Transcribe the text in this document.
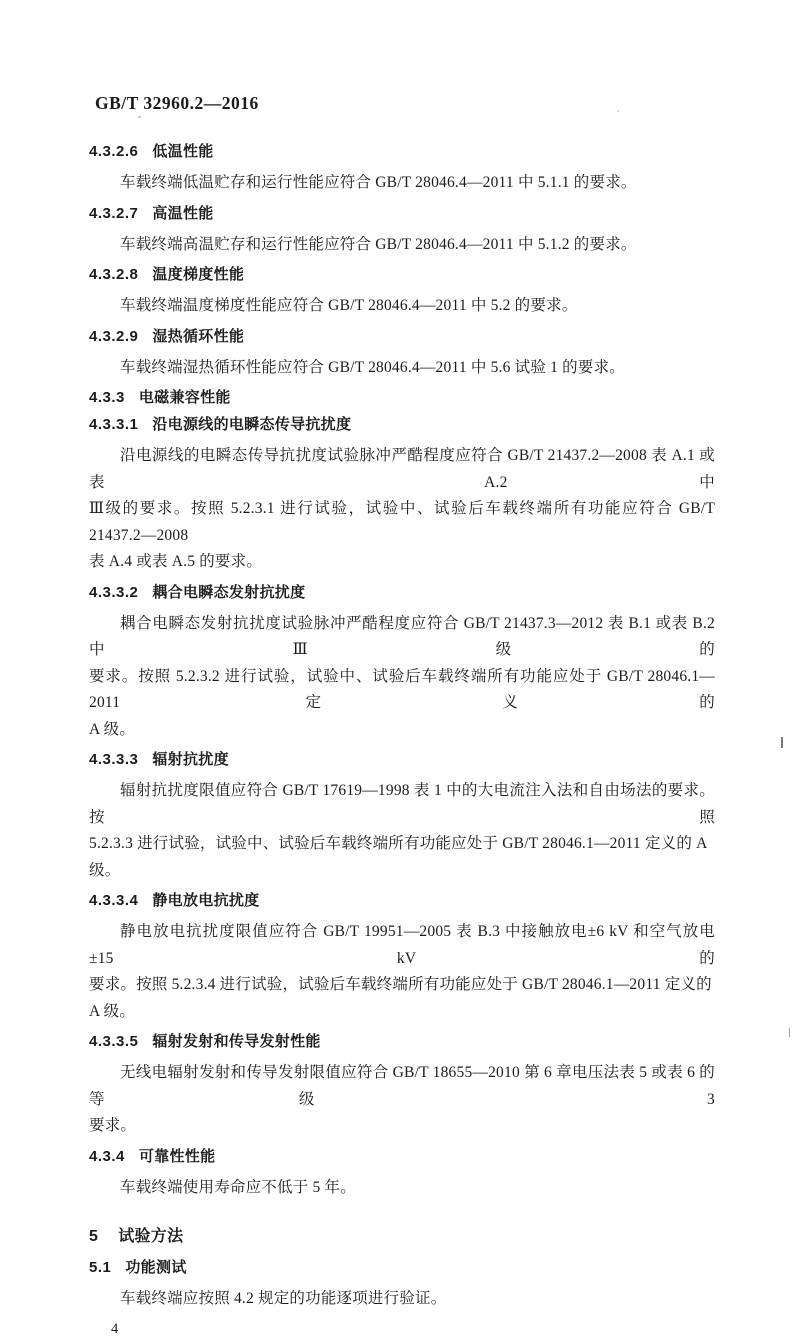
GB/T 32960.2—2016
4.3.2.6 低温性能
车载终端低温贮存和运行性能应符合 GB/T 28046.4—2011 中 5.1.1 的要求。
4.3.2.7 高温性能
车载终端高温贮存和运行性能应符合 GB/T 28046.4—2011 中 5.1.2 的要求。
4.3.2.8 温度梯度性能
车载终端温度梯度性能应符合 GB/T 28046.4—2011 中 5.2 的要求。
4.3.2.9 湿热循环性能
车载终端湿热循环性能应符合 GB/T 28046.4—2011 中 5.6 试验 1 的要求。
4.3.3 电磁兼容性能
4.3.3.1 沿电源线的电瞬态传导抗扰度
沿电源线的电瞬态传导抗扰度试验脉冲严酷程度应符合 GB/T 21437.2—2008 表 A.1 或表 A.2 中
Ⅲ级的要求。按照 5.2.3.1 进行试验，试验中、试验后车载终端所有功能应符合 GB/T 21437.2—2008
表 A.4 或表 A.5 的要求。
4.3.3.2 耦合电瞬态发射抗扰度
耦合电瞬态发射抗扰度试验脉冲严酷程度应符合 GB/T 21437.3—2012 表 B.1 或表 B.2 中Ⅲ级的
要求。按照 5.2.3.2 进行试验，试验中、试验后车载终端所有功能应处于 GB/T 28046.1—2011 定义的
A 级。
4.3.3.3 辐射抗扰度
辐射抗扰度限值应符合 GB/T 17619—1998 表 1 中的大电流注入法和自由场法的要求。按照
5.2.3.3 进行试验，试验中、试验后车载终端所有功能应处于 GB/T 28046.1—2011 定义的 A 级。
4.3.3.4 静电放电抗扰度
静电放电抗扰度限值应符合 GB/T 19951—2005 表 B.3 中接触放电±6 kV 和空气放电±15 kV 的
要求。按照 5.2.3.4 进行试验，试验后车载终端所有功能应处于 GB/T 28046.1—2011 定义的 A 级。
4.3.3.5 辐射发射和传导发射性能
无线电辐射发射和传导发射限值应符合 GB/T 18655—2010 第 6 章电压法表 5 或表 6 的等级 3
要求。
4.3.4 可靠性性能
车载终端使用寿命应不低于 5 年。
5 试验方法
5.1 功能测试
车载终端应按照 4.2 规定的功能逐项进行验证。
4
